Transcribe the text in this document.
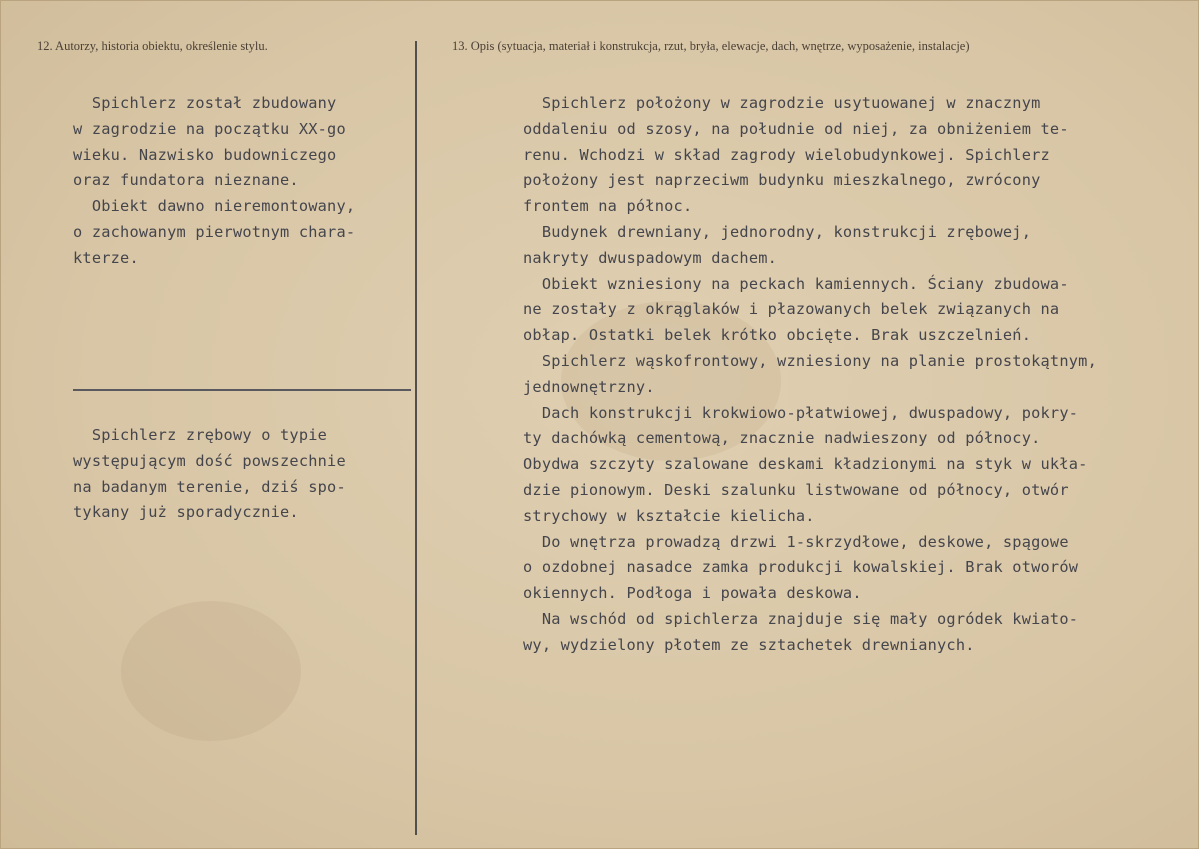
12. Autorzy, historia obiektu, określenie stylu.	13. Opis (sytuacja, materiał i konstrukcja, rzut, bryła, elewacje, dach, wnętrze, wyposażenie, instalacje)
Spichlerz został zbudowany
w zagrodzie na początku XX-go
wieku. Nazwisko budowniczego
oraz fundatora nieznane.
Obiekt dawno nieremontowany,
o zachowanym pierwotnym chara-
kterze.
Spichlerz zrębowy o typie
występującym dość powszechnie
na badanym terenie, dziś spo-
tykany już sporadycznie.
Spichlerz położony w zagrodzie usytuowanej w znacznym
oddaleniu od szosy, na południe od niej, za obniżeniem te-
renu. Wchodzi w skład zagrody wielobudynkowej. Spichlerz
położony jest naprzeciwm budynku mieszkalnego, zwrócony
frontem na północ.
Budynek drewniany, jednorodny, konstrukcji zrębowej,
nakryty dwuspadowym dachem.
Obiekt wzniesiony na peckach kamiennych. Ściany zbudowa-
ne zostały z okrąglaków i płazowanych belek związanych na
obłap. Ostatki belek krótko obcięte. Brak uszczelnień.
Spichlerz wąskofrontowy, wzniesiony na planie prostokątnym,
jednownętrzny.
Dach konstrukcji krokwiowo-płatwiowej, dwuspadowy, pokry-
ty dachówką cementową, znacznie nadwieszony od północy.
Obydwa szczyty szalowane deskami kładzionymi na styk w ukła-
dzie pionowym. Deski szalunku listwowane od północy, otwór
strychowy w kształcie kielicha.
Do wnętrza prowadzą drzwi 1-skrzydłowe, deskowe, spągowe
o ozdobnej nasadce zamka produkcji kowalskiej. Brak otworów
okiennych. Podłoga i powała deskowa.
Na wschód od spichlerza znajduje się mały ogródek kwiato-
wy, wydzielony płotem ze sztachetek drewnianych.
